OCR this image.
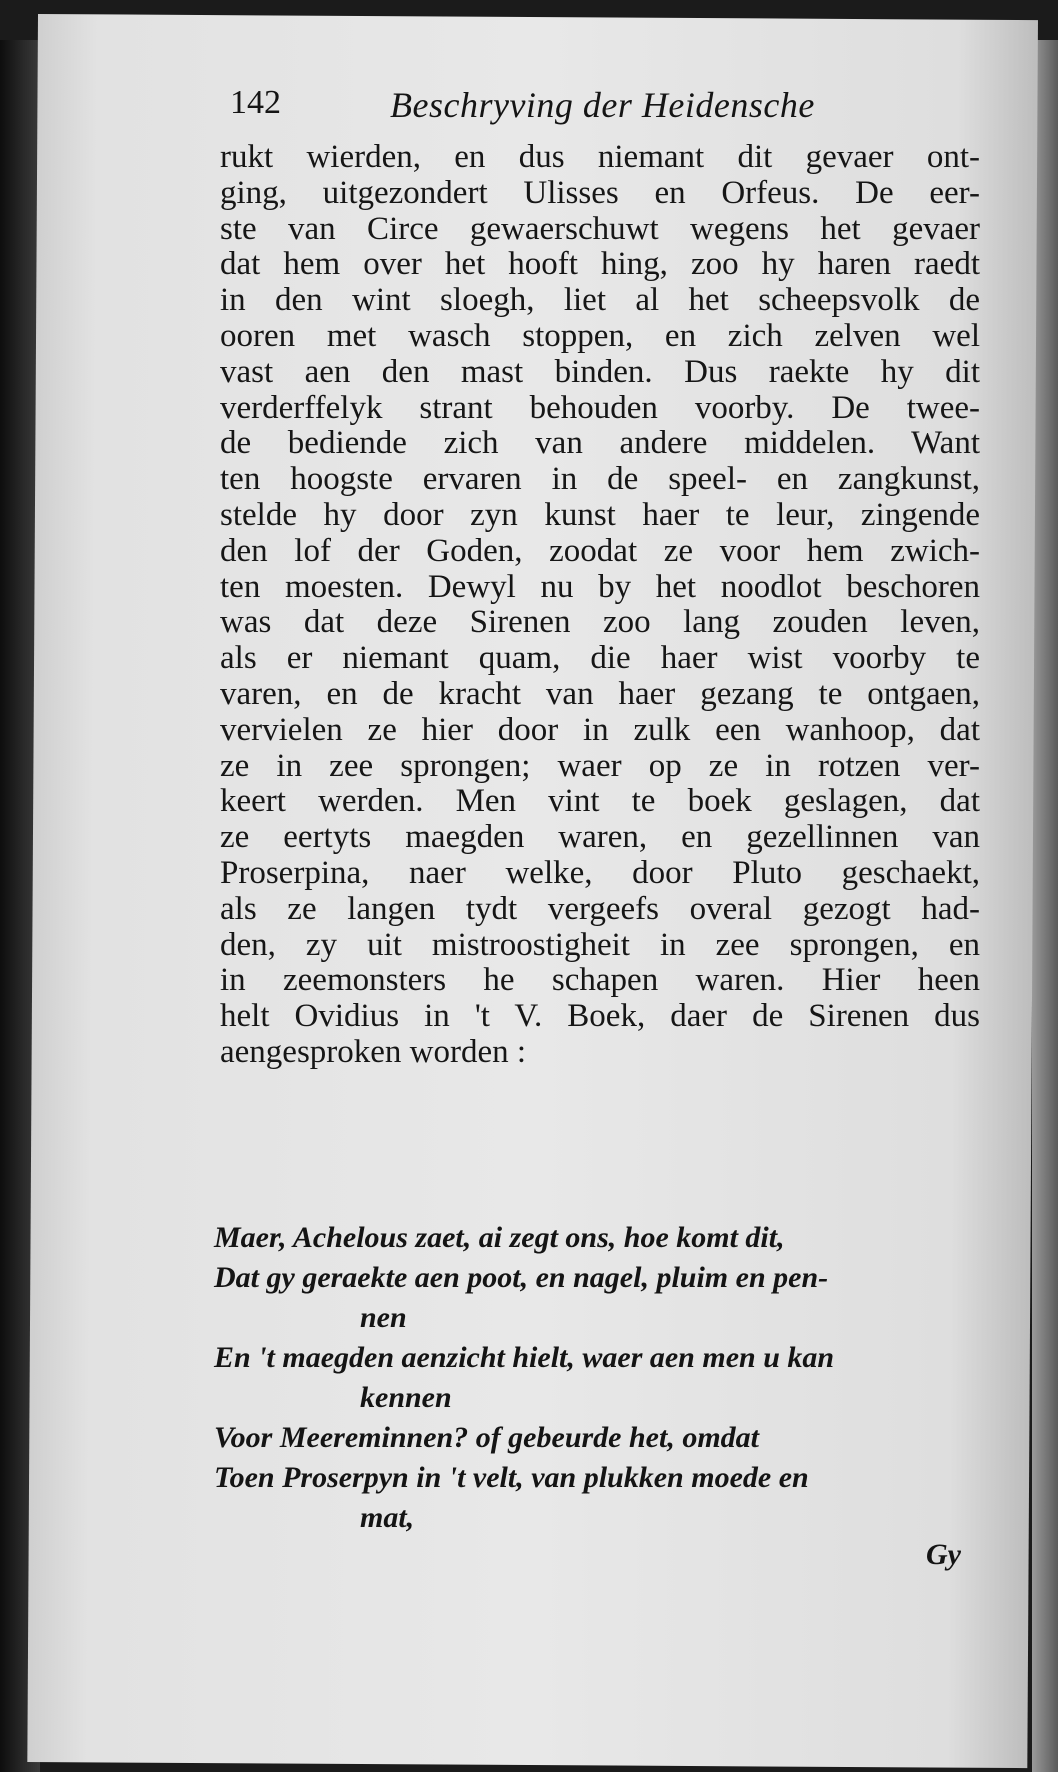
142	Beschryving der Heidensche
rukt wierden, en dus niemant dit gevaer ont-
ging, uitgezondert Ulisses en Orfeus. De eer-
ste van Circe gewaerschuwt wegens het gevaer
dat hem over het hooft hing, zoo hy haren raedt
in den wint sloegh, liet al het scheepsvolk de
ooren met wasch stoppen, en zich zelven wel
vast aen den mast binden. Dus raekte hy dit
verderffelyk strant behouden voorby. De twee-
de bediende zich van andere middelen. Want
ten hoogste ervaren in de speel- en zangkunst,
stelde hy door zyn kunst haer te leur, zingende
den lof der Goden, zoodat ze voor hem zwich-
ten moesten. Dewyl nu by het noodlot beschoren
was dat deze Sirenen zoo lang zouden leven,
als er niemant quam, die haer wist voorby te
varen, en de kracht van haer gezang te ontgaen,
vervielen ze hier door in zulk een wanhoop, dat
ze in zee sprongen; waer op ze in rotzen ver-
keert werden. Men vint te boek geslagen, dat
ze eertyts maegden waren, en gezellinnen van
Proserpina, naer welke, door Pluto geschaekt,
als ze langen tydt vergeefs overal gezogt had-
den, zy uit mistroostigheit in zee sprongen, en
in zeemonsters he schapen waren. Hier heen
helt Ovidius in 't V. Boek, daer de Sirenen dus
aengesproken worden :
Maer, Achelous zaet, ai zegt ons, hoe komt dit,
Dat gy geraekte aen poot, en nagel, pluim en pen-
nen
En 't maegden aenzicht hielt, waer aen men u kan
kennen
Voor Meereminnen? of gebeurde het, omdat
Toen Proserpyn in 't velt, van plukken moede en
mat,
Gy
